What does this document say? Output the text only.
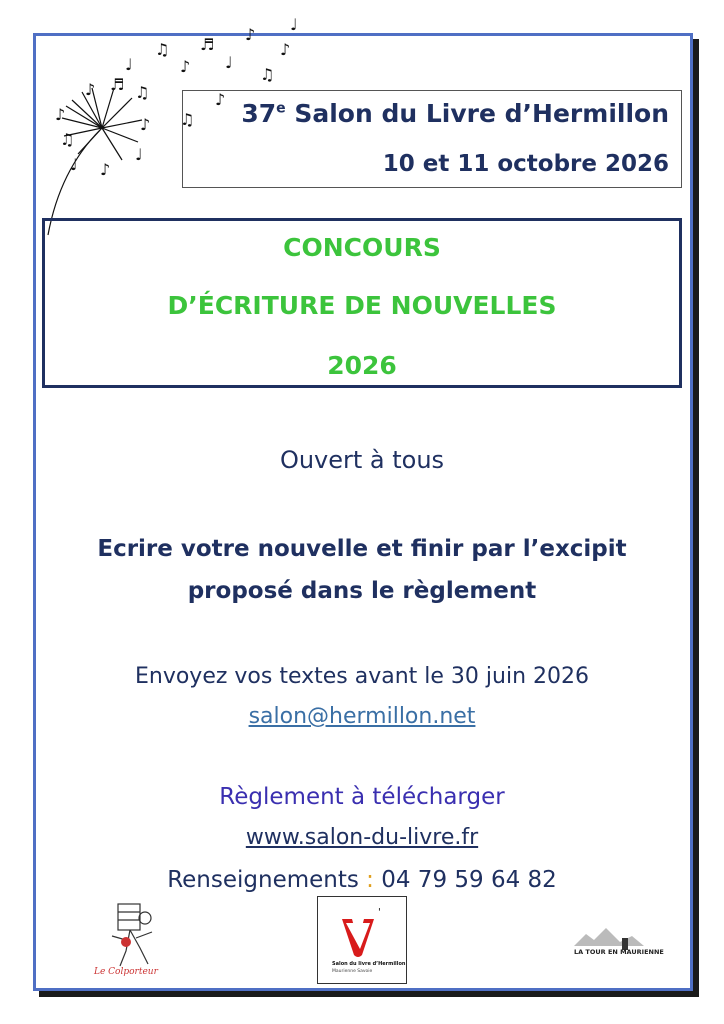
♪
♫
♩
♪ ♬ ♫
♪
♩
♪
♫
♪
♬
♩
♪
♫
♪
♩
♪
♫
♩
37e Salon du Livre d’Hermillon
10 et 11 octobre 2026
CONCOURS
D’ÉCRITURE DE NOUVELLES
2026
Ouvert à tous
Ecrire votre nouvelle et finir par l’excipit
proposé dans le règlement
Envoyez vos textes avant le 30 juin 2026
salon@hermillon.net
Règlement à télécharger
www.salon-du-livre.fr
Renseignements : 04 79 59 64 82
Le Colporteur
'
Salon du livre d’Hermillon
Maurienne Savoie
LA TOUR EN MAURIENNE
